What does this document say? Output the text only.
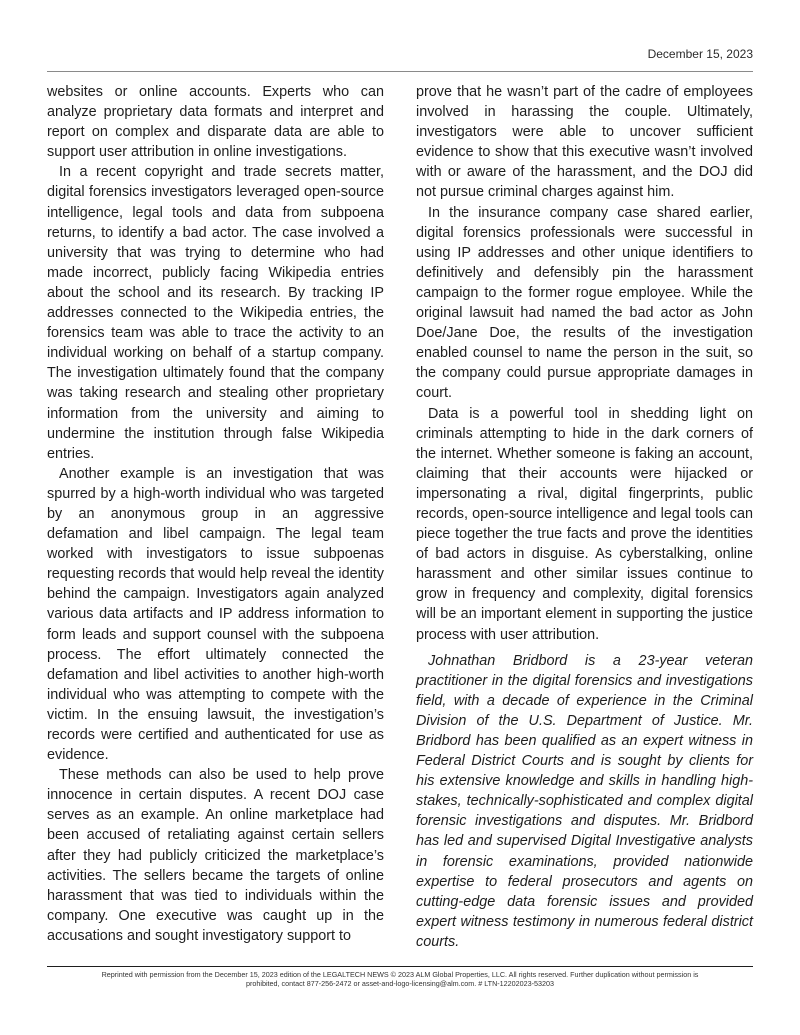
December 15, 2023

websites or online accounts. Experts who can analyze proprietary data formats and interpret and report on complex and disparate data are able to support user attribution in online investigations.

In a recent copyright and trade secrets matter, digital forensics investigators leveraged open-source intelligence, legal tools and data from subpoena returns, to identify a bad actor. The case involved a university that was trying to determine who had made incorrect, publicly facing Wikipedia entries about the school and its research. By tracking IP addresses connected to the Wikipedia entries, the forensics team was able to trace the activity to an individual working on behalf of a startup company. The investigation ultimately found that the company was taking research and stealing other proprietary information from the university and aiming to undermine the institution through false Wikipedia entries.

Another example is an investigation that was spurred by a high-worth individual who was targeted by an anonymous group in an aggressive defamation and libel campaign. The legal team worked with investigators to issue subpoenas requesting records that would help reveal the identity behind the campaign. Investigators again analyzed various data artifacts and IP address information to form leads and support counsel with the subpoena process. The effort ultimately connected the defamation and libel activities to another high-worth individual who was attempting to compete with the victim. In the ensuing lawsuit, the investigation’s records were certified and authenticated for use as evidence.

These methods can also be used to help prove innocence in certain disputes. A recent DOJ case serves as an example. An online marketplace had been accused of retaliating against certain sellers after they had publicly criticized the marketplace’s activities. The sellers became the targets of online harassment that was tied to individuals within the company. One executive was caught up in the accusations and sought investigatory support to

prove that he wasn’t part of the cadre of employees involved in harassing the couple. Ultimately, investigators were able to uncover sufficient evidence to show that this executive wasn’t involved with or aware of the harassment, and the DOJ did not pursue criminal charges against him.

In the insurance company case shared earlier, digital forensics professionals were successful in using IP addresses and other unique identifiers to definitively and defensibly pin the harassment campaign to the former rogue employee. While the original lawsuit had named the bad actor as John Doe/Jane Doe, the results of the investigation enabled counsel to name the person in the suit, so the company could pursue appropriate damages in court.

Data is a powerful tool in shedding light on criminals attempting to hide in the dark corners of the internet. Whether someone is faking an account, claiming that their accounts were hijacked or impersonating a rival, digital fingerprints, public records, open-source intelligence and legal tools can piece together the true facts and prove the identities of bad actors in disguise. As cyberstalking, online harassment and other similar issues continue to grow in frequency and complexity, digital forensics will be an important element in supporting the justice process with user attribution.

Johnathan Bridbord is a 23-year veteran practitioner in the digital forensics and investigations field, with a decade of experience in the Criminal Division of the U.S. Department of Justice. Mr. Bridbord has been qualified as an expert witness in Federal District Courts and is sought by clients for his extensive knowledge and skills in handling high-stakes, technically-sophisticated and complex digital forensic investigations and disputes. Mr. Bridbord has led and supervised Digital Investigative analysts in forensic examinations, provided nationwide expertise to federal prosecutors and agents on cutting-edge data forensic issues and provided expert witness testimony in numerous federal district courts.

Reprinted with permission from the December 15, 2023 edition of the LEGALTECH NEWS © 2023 ALM Global Properties, LLC. All rights reserved. Further duplication without permission is
prohibited, contact 877-256-2472 or asset-and-logo-licensing@alm.com. # LTN-12202023-53203
